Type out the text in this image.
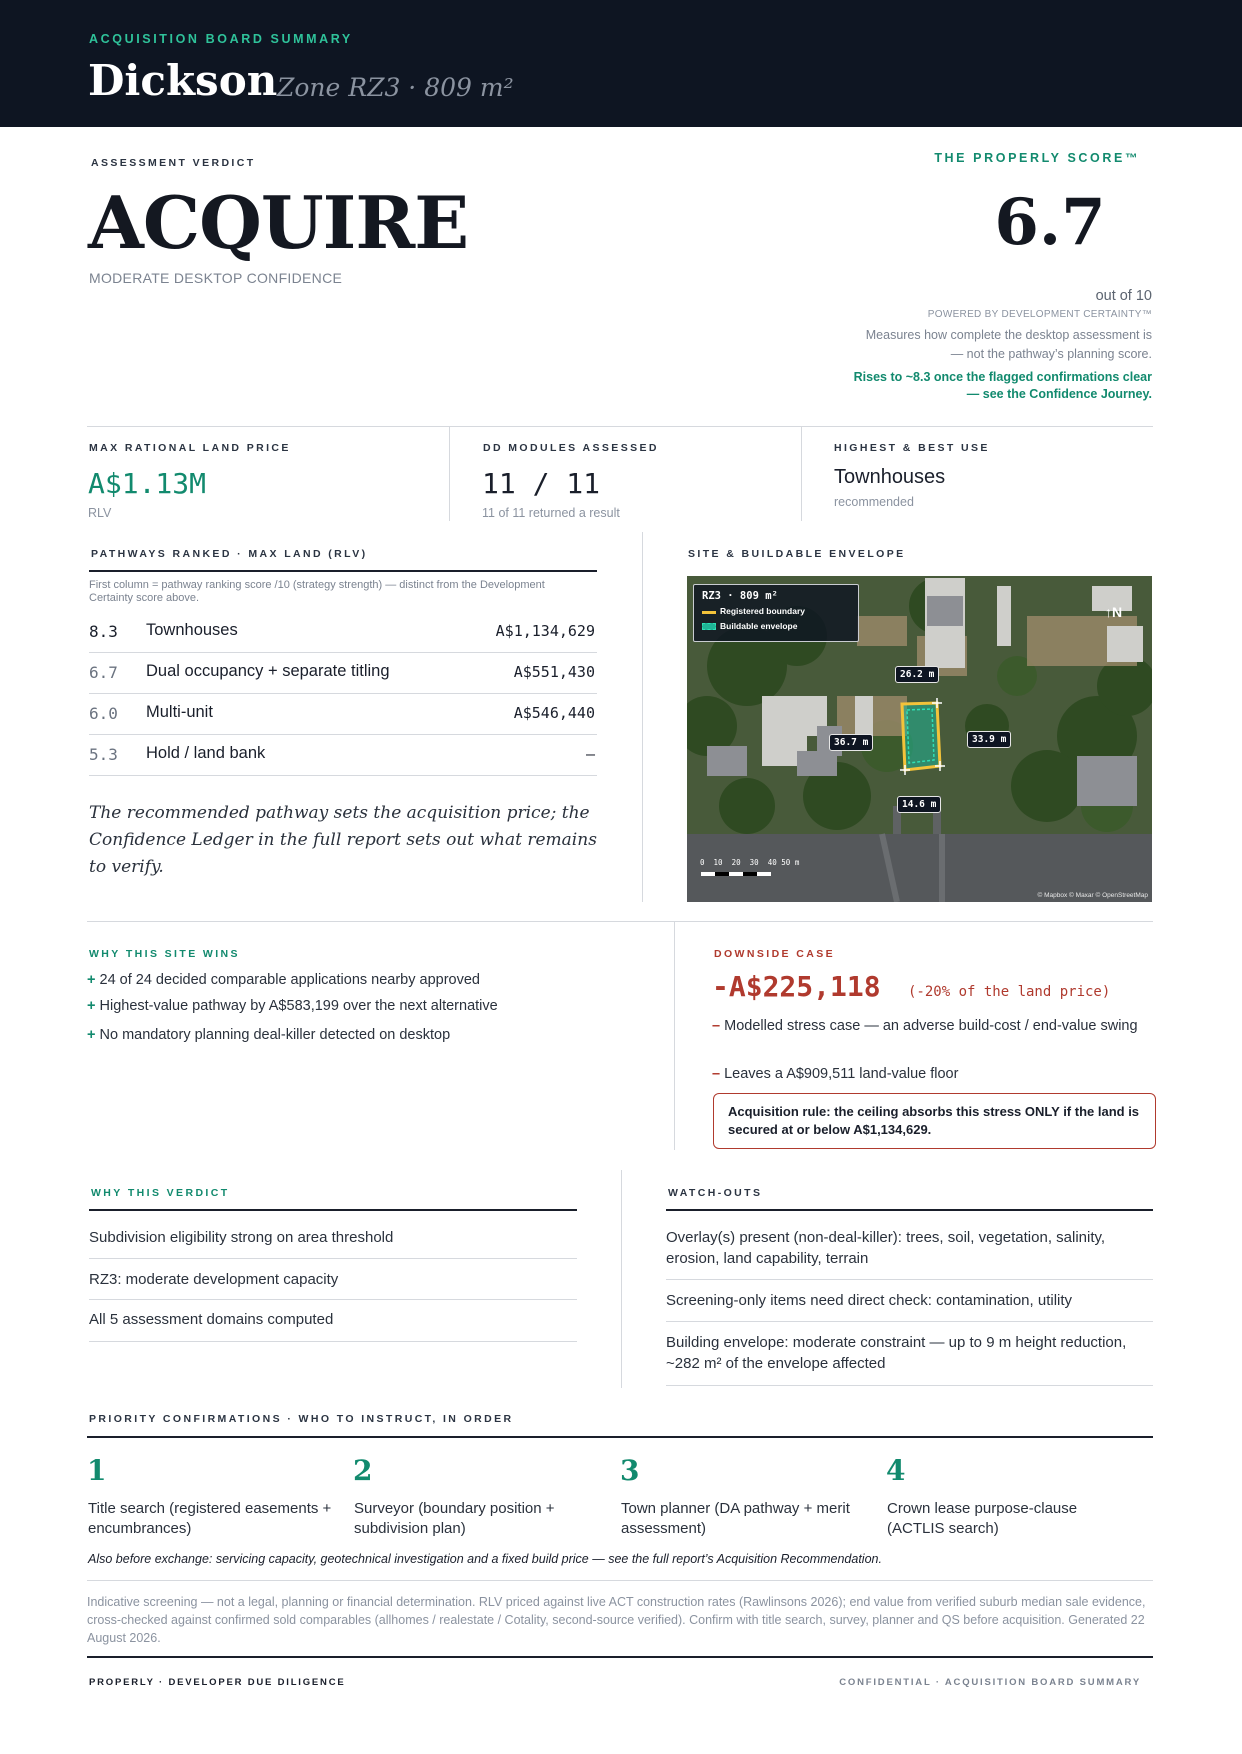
ACQUISITION BOARD SUMMARY
Dickson Zone RZ3 · 809 m²
ASSESSMENT VERDICT
ACQUIRE
MODERATE DESKTOP CONFIDENCE
THE PROPERLY SCORE™
6.7
out of 10
POWERED BY DEVELOPMENT CERTAINTY™
Measures how complete the desktop assessment is
— not the pathway’s planning score.
Rises to ~8.3 once the flagged confirmations clear
— see the Confidence Journey.
MAX RATIONAL LAND PRICE
A$1.13M
RLV
DD MODULES ASSESSED
11 / 11
11 of 11 returned a result
HIGHEST & BEST USE
Townhouses
recommended
PATHWAYS RANKED · MAX LAND (RLV)
First column = pathway ranking score /10 (strategy strength) — distinct from the Development Certainty score above.
8.3 Townhouses	A$1,134,629
6.7 Dual occupancy + separate titling	A$551,430
6.0 Multi-unit	A$546,440
5.3 Hold / land bank	–
The recommended pathway sets the acquisition price; the Confidence Ledger in the full report sets out what remains to verify.
SITE & BUILDABLE ENVELOPE
RZ3 · 809 m²
Registered boundary
Buildable envelope
↑N
26.2 m
36.7 m	33.9 m
14.6 m
0  10  20  30  40 50 m
© Mapbox © Maxar © OpenStreetMap
WHY THIS SITE WINS
+ 24 of 24 decided comparable applications nearby approved
+ Highest-value pathway by A$583,199 over the next alternative
+ No mandatory planning deal-killer detected on desktop
DOWNSIDE CASE
-A$225,118 (-20% of the land price)
– Modelled stress case — an adverse build-cost / end-value swing
– Leaves a A$909,511 land-value floor
Acquisition rule: the ceiling absorbs this stress ONLY if the land is secured at or below A$1,134,629.
WHY THIS VERDICT
Subdivision eligibility strong on area threshold
RZ3: moderate development capacity
All 5 assessment domains computed
WATCH-OUTS
Overlay(s) present (non-deal-killer): trees, soil, vegetation, salinity, erosion, land capability, terrain
Screening-only items need direct check: contamination, utility
Building envelope: moderate constraint — up to 9 m height reduction, ~282 m² of the envelope affected
PRIORITY CONFIRMATIONS · WHO TO INSTRUCT, IN ORDER
1
Title search (registered easements + encumbrances)
2
Surveyor (boundary position + subdivision plan)
3
Town planner (DA pathway + merit assessment)
4
Crown lease purpose-clause (ACTLIS search)
Also before exchange: servicing capacity, geotechnical investigation and a fixed build price — see the full report’s Acquisition Recommendation.
Indicative screening — not a legal, planning or financial determination. RLV priced against live ACT construction rates (Rawlinsons 2026); end value from verified suburb median sale evidence, cross-checked against confirmed sold comparables (allhomes / realestate / Cotality, second-source verified). Confirm with title search, survey, planner and QS before acquisition. Generated 22 August 2026.
PROPERLY · DEVELOPER DUE DILIGENCE	CONFIDENTIAL · ACQUISITION BOARD SUMMARY
